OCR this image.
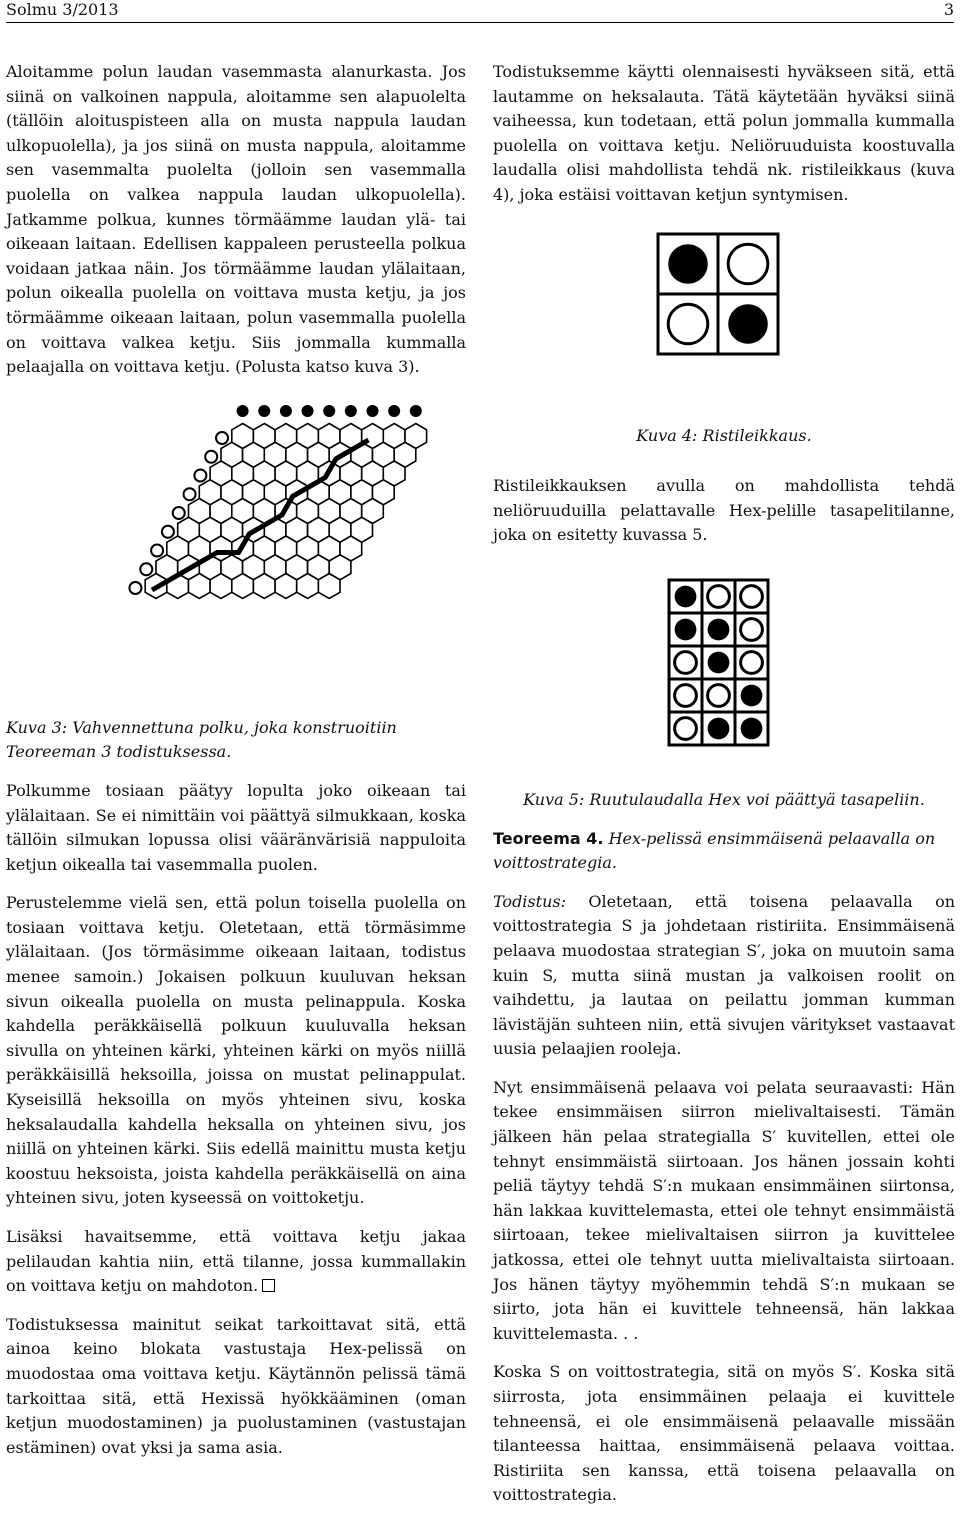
Solmu 3/2013	3

Aloitamme polun laudan vasemmasta alanurkasta. Jos siinä on valkoinen nappula, aloitamme sen alapuolelta (tällöin aloituspisteen alla on musta nappula laudan ulkopuolella), ja jos siinä on musta nappula, aloitamme sen vasemmalta puolelta (jolloin sen vasemmalla puolella on valkea nappula laudan ulkopuolella). Jatkamme polkua, kunnes törmäämme laudan ylä- tai oikeaan laitaan. Edellisen kappaleen perusteella polkua voidaan jatkaa näin. Jos törmäämme laudan ylälaitaan, polun oikealla puolella on voittava musta ketju, ja jos törmäämme oikeaan laitaan, polun vasemmalla puolella on voittava valkea ketju. Siis jommalla kummalla pelaajalla on voittava ketju. (Polusta katso kuva 3).

Kuva 3: Vahvennettuna polku, joka konstruoitiin Teoreeman 3 todistuksessa.

Polkumme tosiaan päätyy lopulta joko oikeaan tai ylälaitaan. Se ei nimittäin voi päättyä silmukkaan, koska tällöin silmukan lopussa olisi vääränvärisiä nappuloita ketjun oikealla tai vasemmalla puolen.

Perustelemme vielä sen, että polun toisella puolella on tosiaan voittava ketju. Oletetaan, että törmäsimme ylälaitaan. (Jos törmäsimme oikeaan laitaan, todistus menee samoin.) Jokaisen polkuun kuuluvan heksan sivun oikealla puolella on musta pelinappula. Koska kahdella peräkkäisellä polkuun kuuluvalla heksan sivulla on yhteinen kärki, yhteinen kärki on myös niillä peräkkäisillä heksoilla, joissa on mustat pelinappulat. Kyseisillä heksoilla on myös yhteinen sivu, koska heksalaudalla kahdella heksalla on yhteinen sivu, jos niillä on yhteinen kärki. Siis edellä mainittu musta ketju koostuu heksoista, joista kahdella peräkkäisellä on aina yhteinen sivu, joten kyseessä on voittoketju.

Lisäksi havaitsemme, että voittava ketju jakaa pelilaudan kahtia niin, että tilanne, jossa kummallakin on voittava ketju on mahdoton.

Todistuksessa mainitut seikat tarkoittavat sitä, että ainoa keino blokata vastustaja Hex-pelissä on muodostaa oma voittava ketju. Käytännön pelissä tämä tarkoittaa sitä, että Hexissä hyökkääminen (oman ketjun muodostaminen) ja puolustaminen (vastustajan estäminen) ovat yksi ja sama asia.

Todistuksemme käytti olennaisesti hyväkseen sitä, että lautamme on heksalauta. Tätä käytetään hyväksi siinä vaiheessa, kun todetaan, että polun jommalla kummalla puolella on voittava ketju. Neliöruuduista koostuvalla laudalla olisi mahdollista tehdä nk. ristileikkaus (kuva 4), joka estäisi voittavan ketjun syntymisen.

Kuva 4: Ristileikkaus.

Ristileikkauksen avulla on mahdollista tehdä neliöruuduilla pelattavalle Hex-pelille tasapelitilanne, joka on esitetty kuvassa 5.

Kuva 5: Ruutulaudalla Hex voi päättyä tasapeliin.

Teoreema 4. Hex-pelissä ensimmäisenä pelaavalla on voittostrategia.

Todistus: Oletetaan, että toisena pelaavalla on voittostrategia S ja johdetaan ristiriita. Ensimmäisenä pelaava muodostaa strategian S′, joka on muutoin sama kuin S, mutta siinä mustan ja valkoisen roolit on vaihdettu, ja lautaa on peilattu jomman kumman lävistäjän suhteen niin, että sivujen väritykset vastaavat uusia pelaajien rooleja.

Nyt ensimmäisenä pelaava voi pelata seuraavasti: Hän tekee ensimmäisen siirron mielivaltaisesti. Tämän jälkeen hän pelaa strategialla S′ kuvitellen, ettei ole tehnyt ensimmäistä siirtoaan. Jos hänen jossain kohti peliä täytyy tehdä S′:n mukaan ensimmäinen siirtonsa, hän lakkaa kuvittelemasta, ettei ole tehnyt ensimmäistä siirtoaan, tekee mielivaltaisen siirron ja kuvittelee jatkossa, ettei ole tehnyt uutta mielivaltaista siirtoaan. Jos hänen täytyy myöhemmin tehdä S′:n mukaan se siirto, jota hän ei kuvittele tehneensä, hän lakkaa kuvittelemasta. . .

Koska S on voittostrategia, sitä on myös S′. Koska sitä siirrosta, jota ensimmäinen pelaaja ei kuvittele tehneensä, ei ole ensimmäisenä pelaavalle missään tilanteessa haittaa, ensimmäisenä pelaava voittaa. Ristiriita sen kanssa, että toisena pelaavalla on voittostrategia.
